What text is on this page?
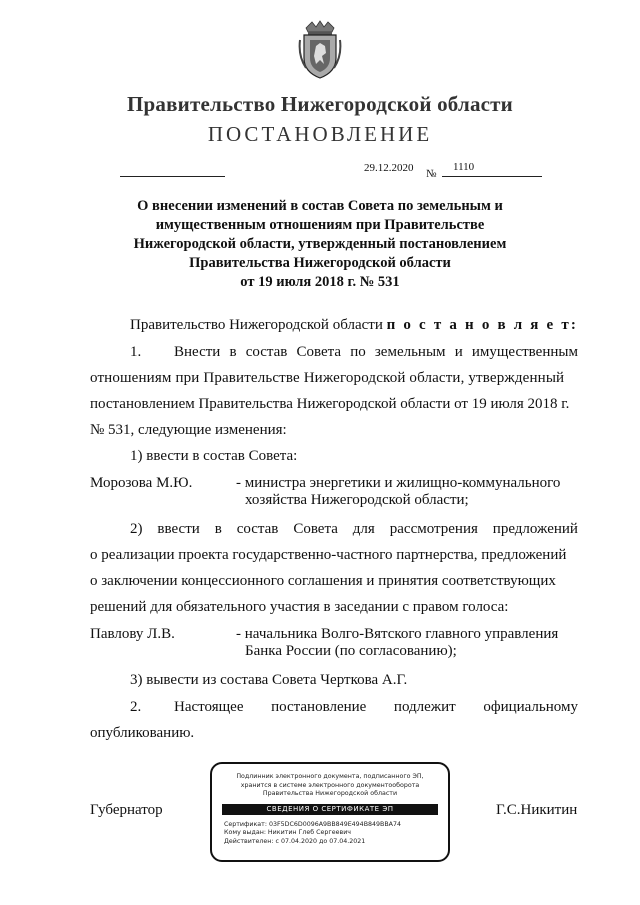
Правительство Нижегородской области
ПОСТАНОВЛЕНИЕ
29.12.2020 №
1110
О внесении изменений в состав Совета по земельным и
имущественным отношениям при Правительстве
Нижегородской области, утвержденный постановлением
Правительства Нижегородской области
от 19 июля 2018 г. № 531
Правительство Нижегородской области п о с т а н о в л я е т:
1. Внести в состав Совета по земельным и имущественным
отношениям при Правительстве Нижегородской области, утвержденный
постановлением Правительства Нижегородской области от 19 июля 2018 г.
№ 531, следующие изменения:
1) ввести в состав Совета:
Морозова М.Ю.	- министра энергетики и жилищно-коммунального
хозяйства Нижегородской области;
2) ввести в состав Совета для рассмотрения предложений
о реализации проекта государственно-частного партнерства, предложений
о заключении концессионного соглашения и принятия соответствующих
решений для обязательного участия в заседании с правом голоса:
Павлову Л.В.	- начальника Волго-Вятского главного управления
Банка России (по согласованию);
3) вывести из состава Совета Черткова А.Г.
2. Настоящее постановление подлежит официальному
опубликованию.
Губернатор	Г.С.Никитин
Подлинник электронного документа, подписанного ЭП,
хранится в системе электронного документооборота
Правительства Нижегородской области
СВЕДЕНИЯ О СЕРТИФИКАТЕ ЭП
Сертификат: 03F5DC6D0096A9BB849E494B849BBA74
Кому выдан: Никитин Глеб Сергеевич
Действителен: с 07.04.2020 до 07.04.2021
